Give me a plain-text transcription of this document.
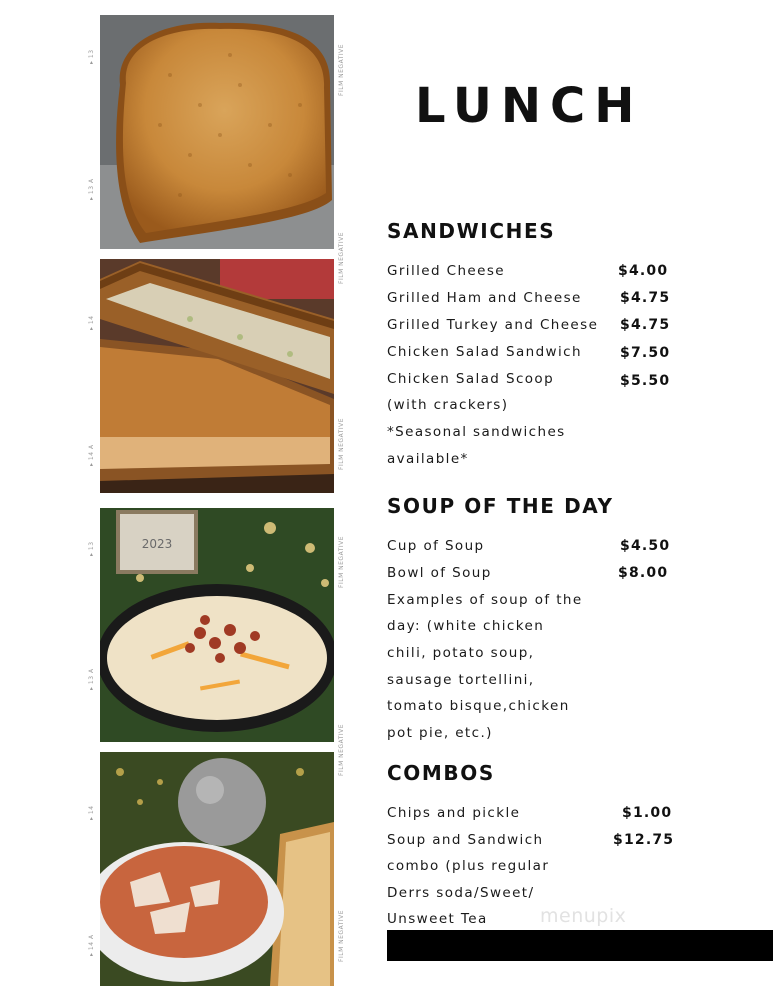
▸ 13
▸ 13 A
▸ 14
▸ 14 A
▸ 13
▸ 13 A
▸ 14
▸ 14 A
FILM NEGATIVE
FILM NEGATIVE
FILM NEGATIVE
FILM NEGATIVE
FILM NEGATIVE
FILM NEGATIVE
2023
LUNCH
SANDWICHES
Grilled Cheese	$4.00
Grilled Ham and Cheese	$4.75
Grilled Turkey and Cheese $4.75
Chicken Salad Sandwich	$7.50
Chicken Salad Scoop	$5.50
(with crackers)
*Seasonal sandwiches
available*
SOUP OF THE DAY
Cup of Soup	$4.50
Bowl of Soup	$8.00
Examples of soup of the
day: (white chicken
chili, potato soup,
sausage tortellini,
tomato bisque,chicken
pot pie, etc.)
COMBOS
Chips and pickle	$1.00
Soup and Sandwich	$12.75
combo (plus regular
Derrs soda/Sweet/
Unsweet Tea	menupix
